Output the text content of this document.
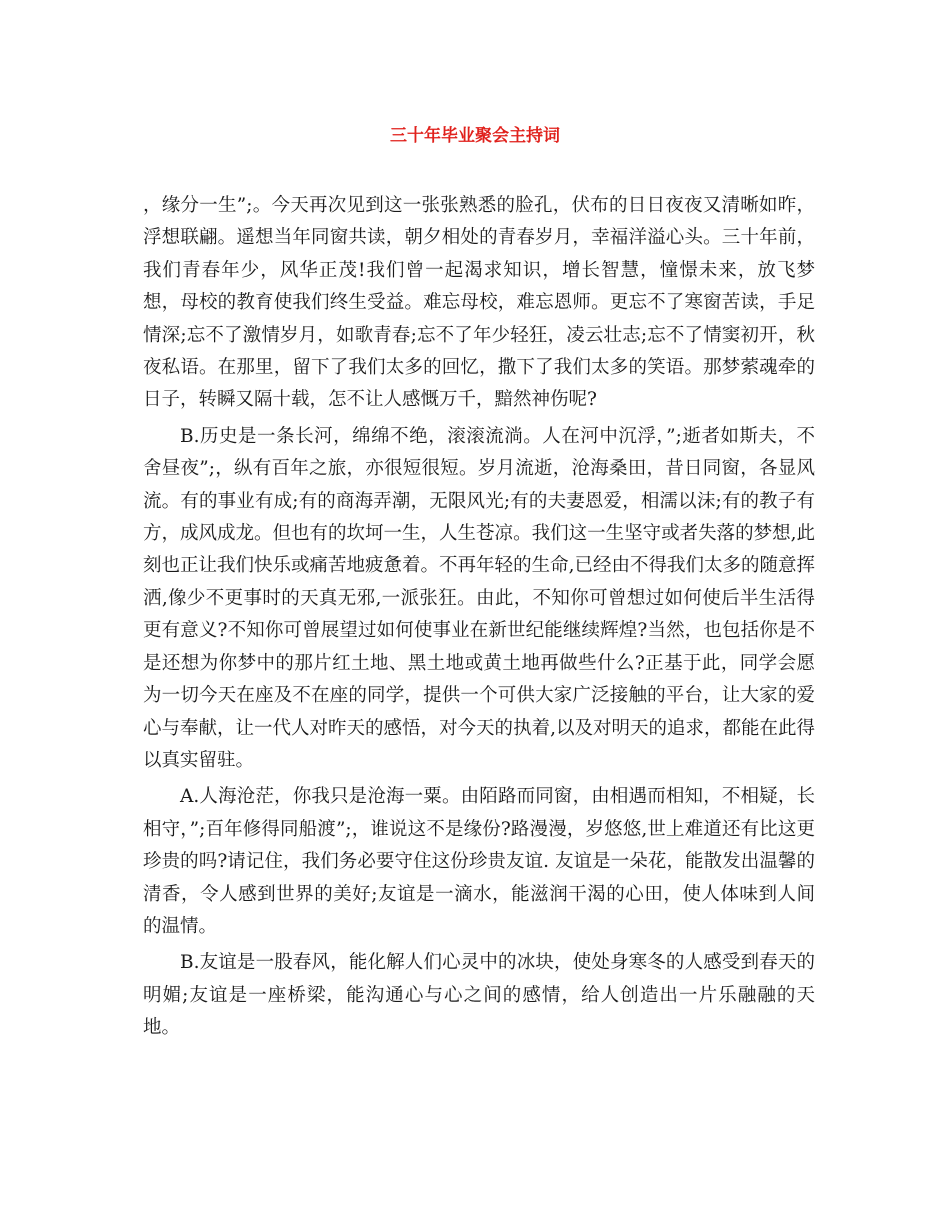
三十年毕业聚会主持词

，缘分一生”;。今天再次见到这一张张熟悉的脸孔，伏布的日日夜夜又清晰如昨，浮想联翩。遥想当年同窗共读，朝夕相处的青春岁月，幸福洋溢心头。三十年前，我们青春年少，风华正茂!我们曾一起渴求知识，增长智慧，憧憬未来，放飞梦想，母校的教育使我们终生受益。难忘母校，难忘恩师。更忘不了寒窗苦读，手足情深;忘不了激情岁月，如歌青春;忘不了年少轻狂，凌云壮志;忘不了情窦初开，秋夜私语。在那里，留下了我们太多的回忆，撒下了我们太多的笑语。那梦萦魂牵的日子，转瞬又隔十载，怎不让人感慨万千，黯然神伤呢?

B.历史是一条长河，绵绵不绝，滚滚流淌。人在河中沉浮，”;逝者如斯夫，不舍昼夜”;，纵有百年之旅，亦很短很短。岁月流逝，沧海桑田，昔日同窗，各显风流。有的事业有成;有的商海弄潮，无限风光;有的夫妻恩爱，相濡以沫;有的教子有方，成风成龙。但也有的坎坷一生，人生苍凉。我们这一生坚守或者失落的梦想,此刻也正让我们快乐或痛苦地疲惫着。不再年轻的生命,已经由不得我们太多的随意挥洒,像少不更事时的天真无邪,一派张狂。由此，不知你可曾想过如何使后半生活得更有意义?不知你可曾展望过如何使事业在新世纪能继续辉煌?当然，也包括你是不是还想为你梦中的那片红土地、黑土地或黄土地再做些什么?正基于此，同学会愿为一切今天在座及不在座的同学，提供一个可供大家广泛接触的平台，让大家的爱心与奉献，让一代人对昨天的感悟，对今天的执着,以及对明天的追求，都能在此得以真实留驻。

A.人海沧茫，你我只是沧海一粟。由陌路而同窗，由相遇而相知，不相疑，长相守，”;百年修得同船渡”;，谁说这不是缘份?路漫漫，岁悠悠,世上难道还有比这更珍贵的吗?请记住，我们务必要守住这份珍贵友谊. 友谊是一朵花，能散发出温馨的清香，令人感到世界的美好;友谊是一滴水，能滋润干渴的心田，使人体味到人间的温情。

B.友谊是一股春风，能化解人们心灵中的冰块，使处身寒冬的人感受到春天的明媚;友谊是一座桥梁，能沟通心与心之间的感情，给人创造出一片乐融融的天地。
